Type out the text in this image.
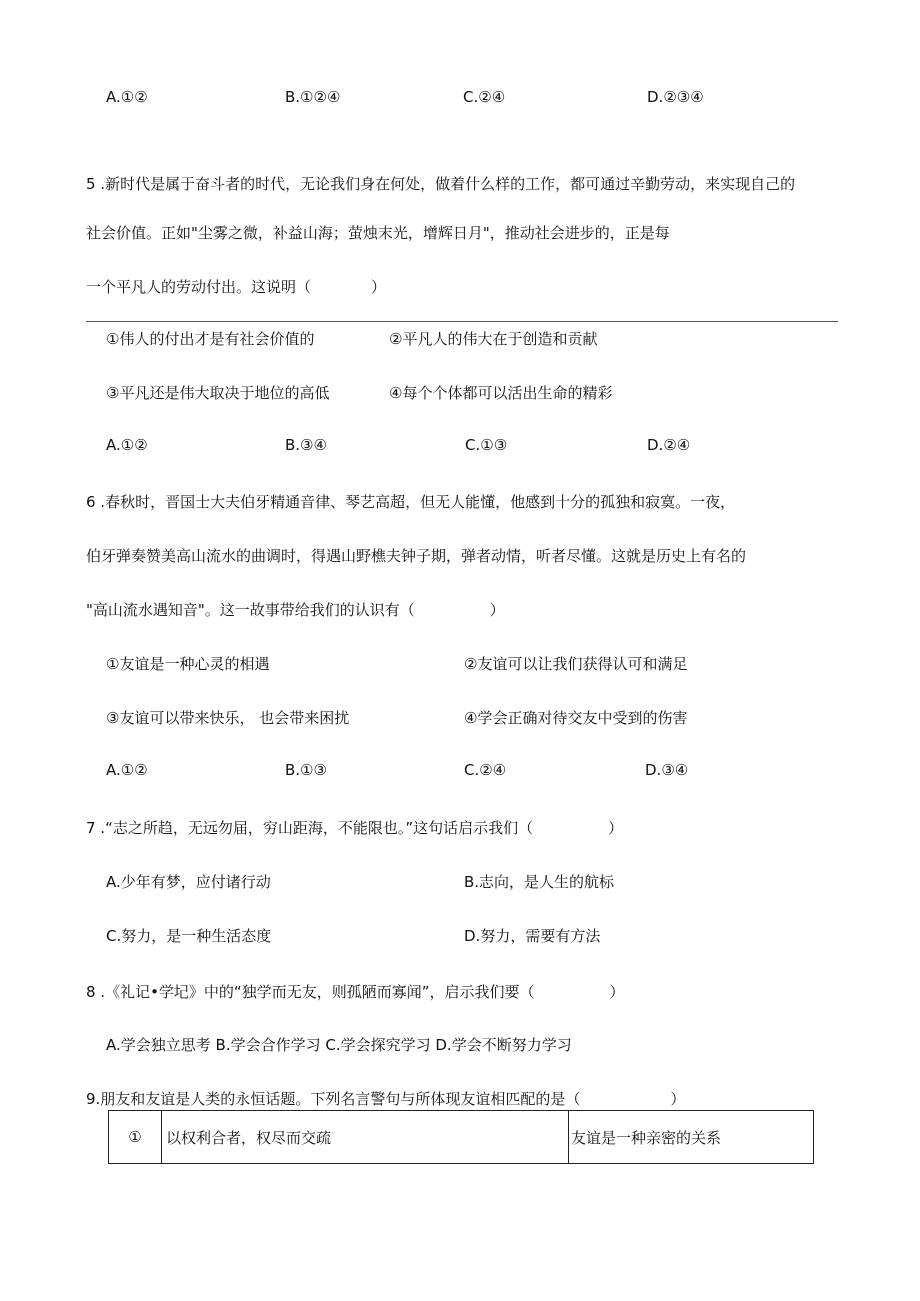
A.①②	B.①②④	C.②④	D.②③④
5 .新时代是属于奋斗者的时代，无论我们身在何处，做着什么样的工作，都可通过辛勤劳动，来实现自己的
社会价值。正如"尘雾之微，补益山海；萤烛末光，增辉日月"，推动社会进步的，正是每
一个平凡人的劳动付出。这说明（　　　　）
①伟人的付出才是有社会价值的	②平凡人的伟大在于创造和贡献
③平凡还是伟大取决于地位的高低	④每个个体都可以活出生命的精彩
A.①②	B.③④	C.①③	D.②④
6 .春秋时，晋国士大夫伯牙精通音律、琴艺高超，但无人能懂，他感到十分的孤独和寂寞。一夜，
伯牙弹奏赞美高山流水的曲调时，得遇山野樵夫钟子期，弹者动情，听者尽懂。这就是历史上有名的
"高山流水遇知音"。这一故事带给我们的认识有（　　　　　）
①友谊是一种心灵的相遇	②友谊可以让我们获得认可和满足
③友谊可以带来快乐， 也会带来困扰	④学会正确对待交友中受到的伤害
A.①②	B.①③	C.②④	D.③④
7 .“志之所趋，无远勿届，穷山距海，不能限也。”这句话启示我们（　　　　　）
A.少年有梦，应付诸行动	B.志向，是人生的航标
C.努力，是一种生活态度	D.努力，需要有方法
8 .《礼记•学圮》中的“独学而无友，则孤陋而寡闻”，启示我们要（　　　　　）
A.学会独立思考 B.学会合作学习 C.学会探究学习 D.学会不断努力学习
9.朋友和友谊是人类的永恒话题。下列名言警句与所体现友谊相匹配的是（　　　　　　）
①	以权利合者，权尽而交疏	友谊是一种亲密的关系
